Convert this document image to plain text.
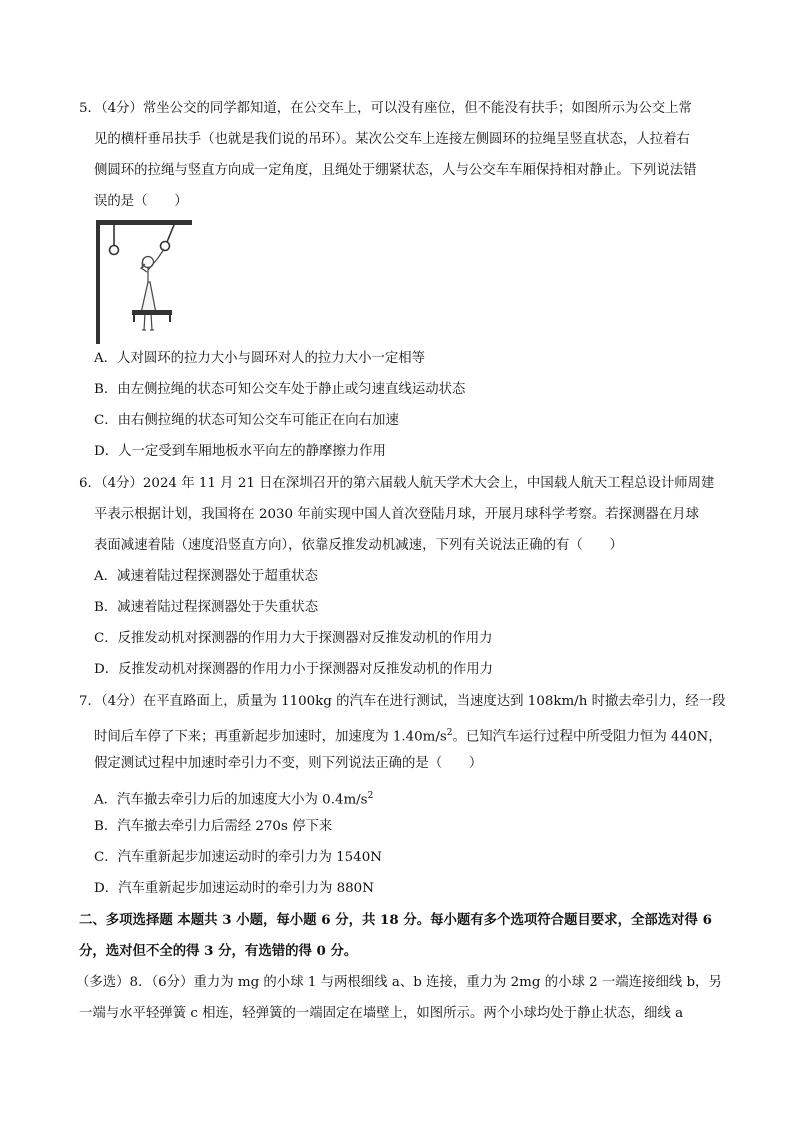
5．（4分）常坐公交的同学都知道，在公交车上，可以没有座位，但不能没有扶手；如图所示为公交上常
见的横杆垂吊扶手（也就是我们说的吊环）。某次公交车上连接左侧圆环的拉绳呈竖直状态，人拉着右
侧圆环的拉绳与竖直方向成一定角度，且绳处于绷紧状态，人与公交车车厢保持相对静止。下列说法错
误的是（　　）
A．人对圆环的拉力大小与圆环对人的拉力大小一定相等
B．由左侧拉绳的状态可知公交车处于静止或匀速直线运动状态
C．由右侧拉绳的状态可知公交车可能正在向右加速
D．人一定受到车厢地板水平向左的静摩擦力作用
6．（4分）2024 年 11 月 21 日在深圳召开的第六届载人航天学术大会上，中国载人航天工程总设计师周建
平表示根据计划，我国将在 2030 年前实现中国人首次登陆月球，开展月球科学考察。若探测器在月球
表面减速着陆（速度沿竖直方向），依靠反推发动机减速，下列有关说法正确的有（　　）
A．减速着陆过程探测器处于超重状态
B．减速着陆过程探测器处于失重状态
C．反推发动机对探测器的作用力大于探测器对反推发动机的作用力
D．反推发动机对探测器的作用力小于探测器对反推发动机的作用力
7．（4分）在平直路面上，质量为 1100kg 的汽车在进行测试，当速度达到 108km/h 时撤去牵引力，经一段
时间后车停了下来；再重新起步加速时，加速度为 $1.40m/s^2$。已知汽车运行过程中所受阻力恒为 440N，
假定测试过程中加速时牵引力不变，则下列说法正确的是（　　）
A．汽车撤去牵引力后的加速度大小为 $0.4m/s^2$
B．汽车撤去牵引力后需经 270s 停下来
C．汽车重新起步加速运动时的牵引力为 1540N
D．汽车重新起步加速运动时的牵引力为 880N
二、多项选择题 本题共 3 小题，每小题 6 分，共 18 分。每小题有多个选项符合题目要求，全部选对得 6
分，选对但不全的得 3 分，有选错的得 0 分。
（多选）8．（6分）重力为 mg 的小球 1 与两根细线 a、b 连接，重力为 2mg 的小球 2 一端连接细线 b，另
一端与水平轻弹簧 c 相连，轻弹簧的一端固定在墙壁上，如图所示。两个小球均处于静止状态，细线 a
